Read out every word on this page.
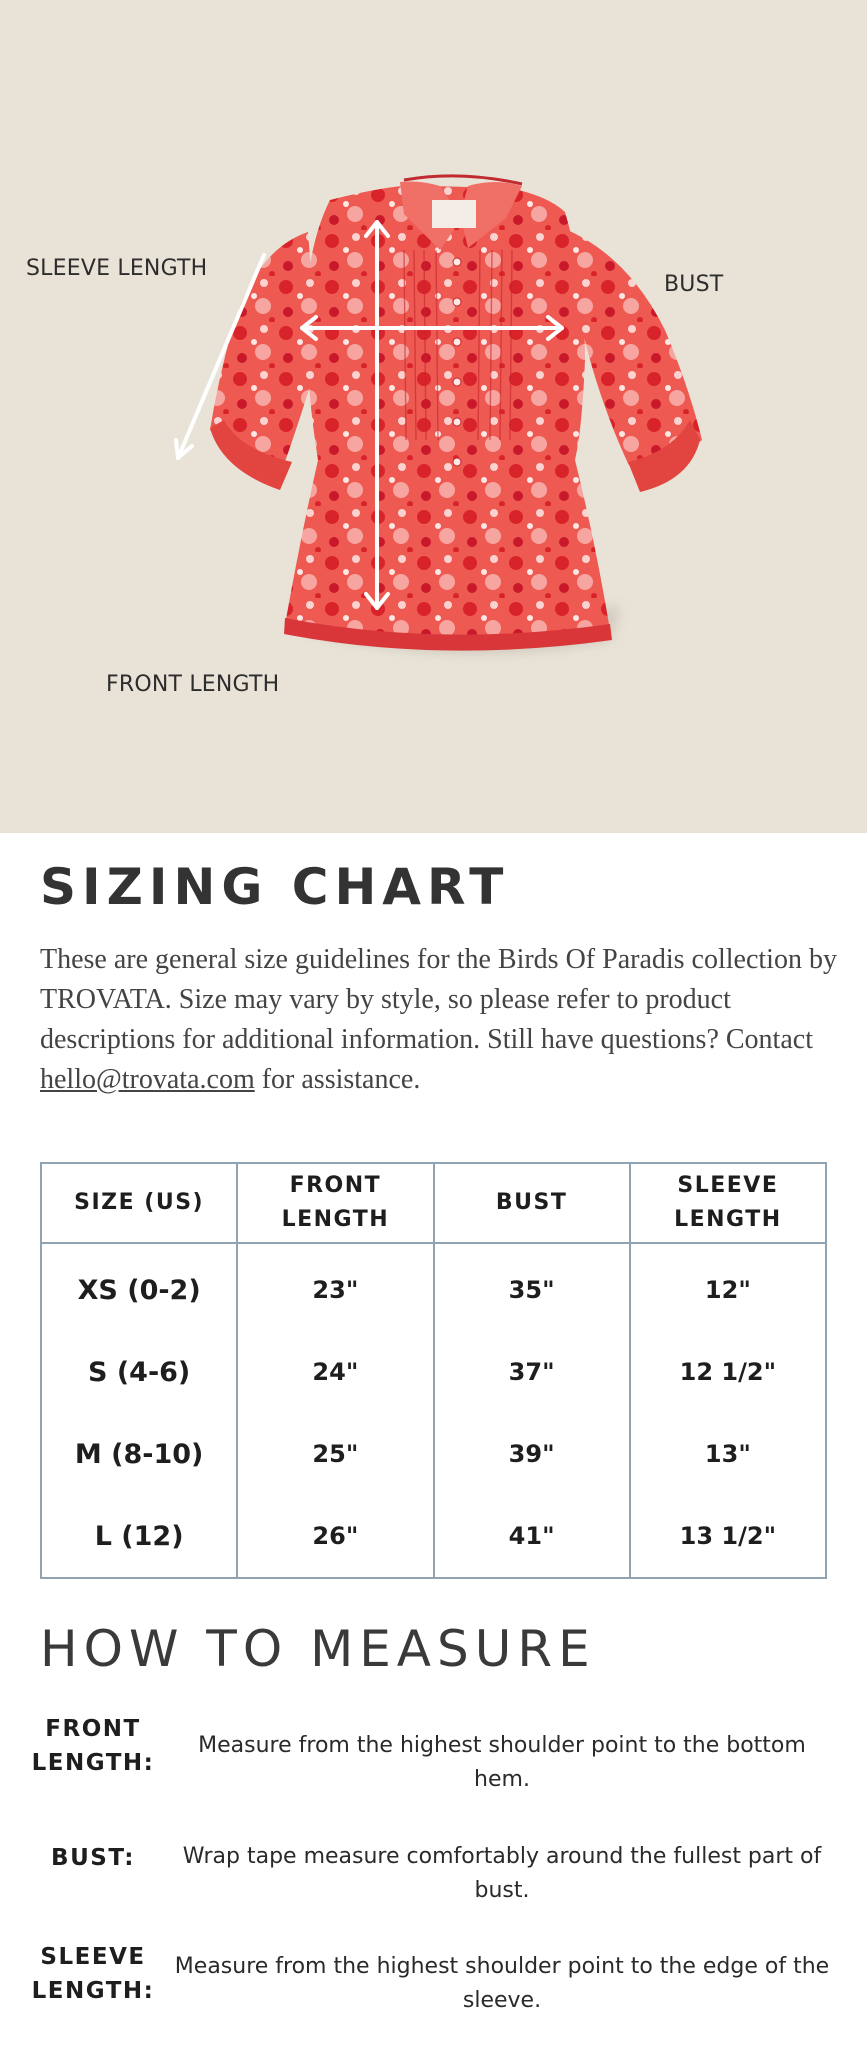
SLEEVE LENGTH
BUST
FRONT LENGTH
SIZING CHART

These are general size guidelines for the Birds Of Paradis collection by TROVATA. Size may vary by style, so please refer to product descriptions for additional information. Still have questions? Contact hello@trovata.com for assistance.

SIZE (US)	FRONT LENGTH	BUST	SLEEVE LENGTH
XS (0-2)	23"	35"	12"
S (4-6)	24"	37"	12 1/2"
M (8-10)	25"	39"	13"
L (12)	26"	41"	13 1/2"
HOW TO MEASURE
FRONT LENGTH:
Measure from the highest shoulder point to the bottom hem.
BUST:	Wrap tape measure comfortably around the fullest part of bust.
SLEEVE LENGTH:
Measure from the highest shoulder point to the edge of the sleeve.
